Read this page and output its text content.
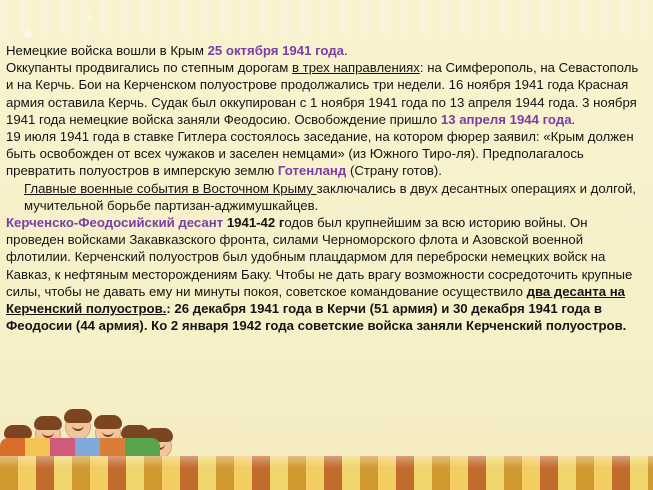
Немецкие войска вошли в Крым 25 октября 1941 года.

Оккупанты продвигались по степным дорогам в трех направлениях: на Симферополь, на Севастополь и на Керчь. Бои на Керченском полуострове продолжались три недели. 16 ноября 1941 года Красная армия оставила Керчь. Судак был оккупирован с 1 ноября 1941 года по 13 апреля 1944 года. 3 ноября 1941 года немецкие войска заняли Феодосию. Освобождение пришло 13 апреля 1944 года.

19 июля 1941 года в ставке Гитлера состоялось заседание, на котором фюрер заявил: «Крым должен быть освобожден от всех чужаков и заселен немцами» (из Южного Тиро-ля). Предполагалось превратить полуостров в имперскую землю Готенланд (Страну готов).

Главные военные события в Восточном Крыму заключались в двух десантных операциях и долгой, мучительной борьбе партизан-аджимушкайцев.

Керченско-Феодосийский десант 1941-42 годов был крупнейшим за всю историю войны. Он проведен войсками Закавказского фронта, силами Черноморского флота и Азовской военной флотилии. Керченский полуостров был удобным плацдармом для переброски немецких войск на Кавказ, к нефтяным месторождениям Баку. Чтобы не дать врагу возможности сосредоточить крупные силы, чтобы не давать ему ни минуты покоя, советское командование осуществило два десанта на Керченский полуостров.: 26 декабря 1941 года в Керчи (51 армия) и 30 декабря 1941 года в Феодосии (44 армия). Ко 2 января 1942 года советские войска заняли Керченский полуостров.
